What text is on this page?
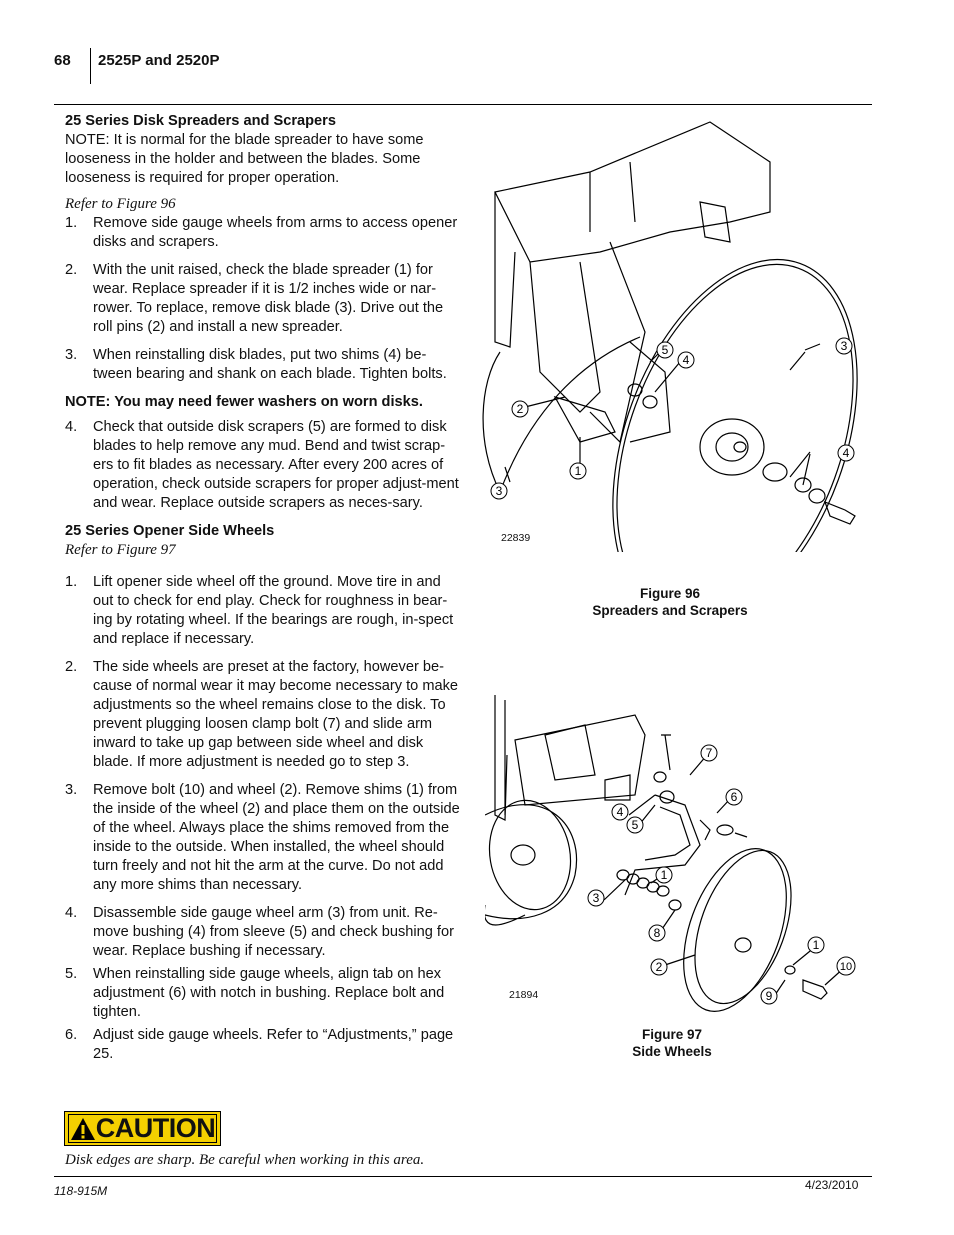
68 2525P and 2520P
25 Series Disk Spreaders and Scrapers

NOTE: It is normal for the blade spreader to have some looseness in the holder and between the blades. Some looseness is required for proper operation.

Refer to Figure 96

1. Remove side gauge wheels from arms to access opener disks and scrapers.
2. With the unit raised, check the blade spreader (1) for wear. Replace spreader if it is 1/2 inches wide or nar-rower. To replace, remove disk blade (3). Drive out the roll pins (2) and install a new spreader.
3. When reinstalling disk blades, put two shims (4) be-tween bearing and shank on each blade. Tighten bolts.

NOTE: You may need fewer washers on worn disks.

4. Check that outside disk scrapers (5) are formed to disk blades to help remove any mud. Bend and twist scrap-ers to fit blades as necessary. After every 200 acres of operation, check outside scrapers for proper adjust-ment and wear. Replace outside scrapers as neces-sary.
25 Series Opener Side Wheels

Refer to Figure 97

1. Lift opener side wheel off the ground. Move tire in and out to check for end play. Check for roughness in bear-ing by rotating wheel. If the bearings are rough, in-spect and replace if necessary.
2. The side wheels are preset at the factory, however be-cause of normal wear it may become necessary to make adjustments so the wheel remains close to the disk. To prevent plugging loosen clamp bolt (7) and slide arm inward to take up gap between side wheel and disk blade. If more adjustment is needed go to step 3.
3. Remove bolt (10) and wheel (2). Remove shims (1) from the inside of the wheel (2) and place them on the outside of the wheel. Always place the shims removed from the inside to the outside. When installed, the wheel should turn freely and not hit the arm at the curve. Do not add any more shims than necessary.
4. Disassemble side gauge wheel arm (3) from unit. Re-move bushing (4) from sleeve (5) and check bushing for wear. Replace bushing if necessary.
5. When reinstalling side gauge wheels, align tab on hex adjustment (6) with notch in bushing. Replace bolt and tighten.
6. Adjust side gauge wheels. Refer to “Adjustments,” page 25.
5
4
3
2
4
1
3
22839
Figure 96
Spreaders and Scrapers
7
6
4
5
1
3
8
2
1
10
9
21894
Figure 97
Side Wheels
CAUTION
Disk edges are sharp. Be careful when working in this area.
118-915M	4/23/2010
